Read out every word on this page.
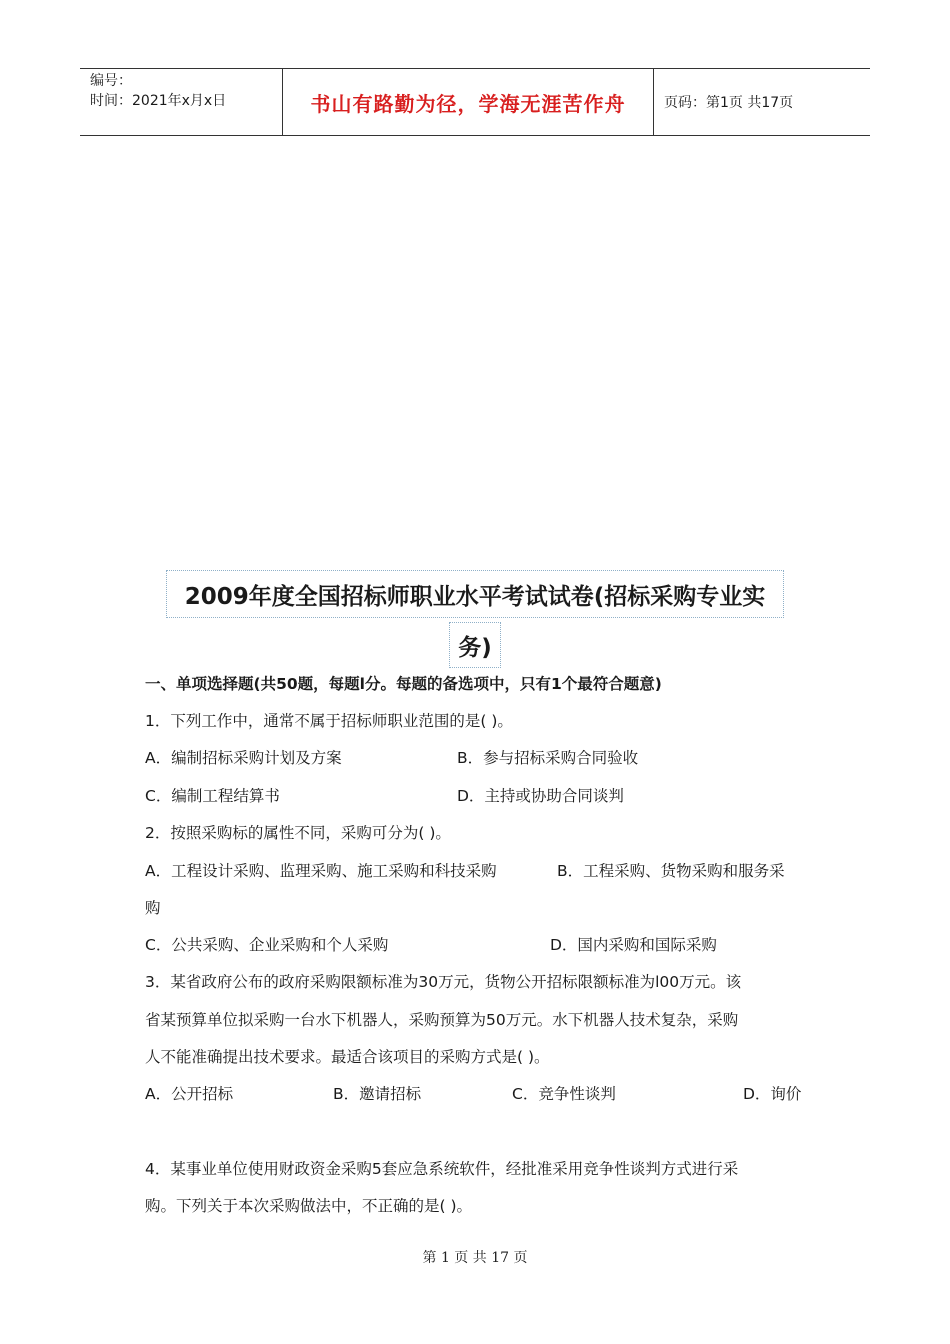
编号：
时间：2021年x月x日	书山有路勤为径，学海无涯苦作舟	页码：第1页 共17页
2009年度全国招标师职业水平考试试卷(招标采购专业实
务)
一、单项选择题(共50题，每题l分。每题的备选项中，只有1个最符合题意)
1．下列工作中，通常不属于招标师职业范围的是( )。
A．编制招标采购计划及方案	B．参与招标采购合同验收
C．编制工程结算书	D．主持或协助合同谈判
2．按照采购标的属性不同，采购可分为( )。
A．工程设计采购、监理采购、施工采购和科技采购	B．工程采购、货物采购和服务采
购
C．公共采购、企业采购和个人采购	D．国内采购和国际采购
3．某省政府公布的政府采购限额标准为30万元，货物公开招标限额标准为l00万元。该
省某预算单位拟采购一台水下机器人，采购预算为50万元。水下机器人技术复杂，采购
人不能准确提出技术要求。最适合该项目的采购方式是( )。
A．公开招标	B．邀请招标	C．竞争性谈判	D．询价
4．某事业单位使用财政资金采购5套应急系统软件，经批准采用竞争性谈判方式进行采
购。下列关于本次采购做法中，不正确的是( )。
第 1 页 共 17 页
